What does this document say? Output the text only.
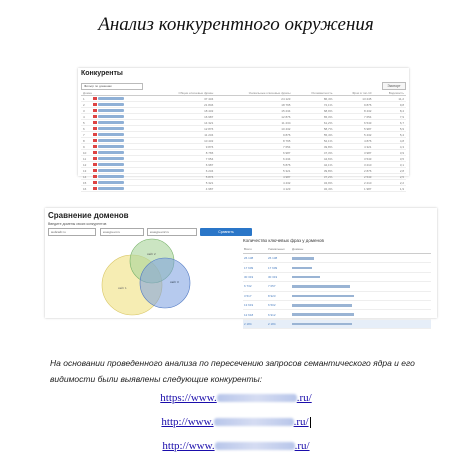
Анализ конкурентного окружения
Конкуренты
Фильтр по доменам	Экспорт
Домен		Общие ключевые фразы	Уникальные ключевые фразы	Релевантность	Фраз в топ-10	Видимость
1		37 434	24 123	86,4%	13 245	11,2
2		21 846	18 765	72,1%	9 876	9,8
3		18 432	15 234	68,9%	8 432	8,4
4		16 987	12 876	65,3%	7 654	7,9
5		14 321	11 234	61,2%	6 543	6,7
6		12 876	10 432	58,7%	5 987	5,9
7		11 234	9 876	55,4%	5 432	5,4
8		10 432	8 765	52,1%	4 876	4,8
9		9 876	7 654	49,8%	4 321	4,3
10		8 765	6 987	47,3%	3 987	3,9
11		7 654	6 234	44,6%	3 543	3,5
12		6 987	5 876	42,1%	3 210	3,1
13		6 234	5 321	39,8%	2 876	2,8
14		5 876	4 987	37,2%	2 543	2,5
15		5 321	4 432	34,9%	2 210	2,2
16		4 987	4 123	32,4%	1 987	1,9
Сравнение доменов
Введите домены своих конкурентов
мойсайт.ru	конкурент.ru	конкурент2.ru	Сравнить
сайт 1
сайт 2
сайт 3
Количество ключевых фраз у доменов
Всего	Уникальных	Домены
26 138	26 138	
17 609	17 609	
30 319	30 319	
6 732	7 057	
3 517	8 923	
13 619	6 502	
12 618	6 912	
2 184	2 184	
На основании проведенного анализа по пересечению запросов семантического ядра и его видимости были выявлены следующие конкуренты:
https://www.	.ru/
http://www.	.ru/
http://www.	.ru/
